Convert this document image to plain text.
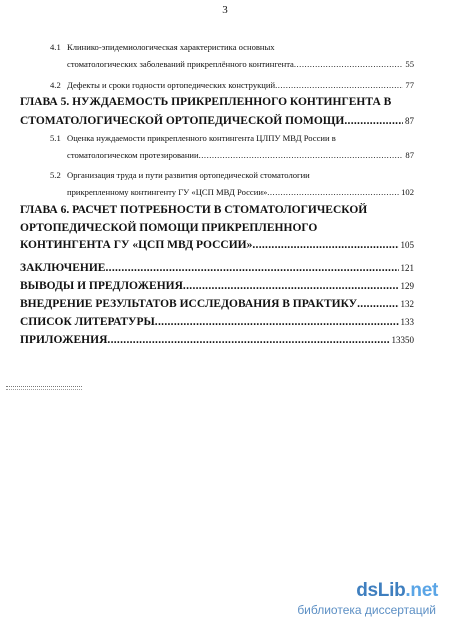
3
4.1 Клинико-эпидемиологическая характеристика основных
стоматологических заболеваний прикреплённого контингента .....	55
4.2 Дефекты и сроки годности ортопедических конструкций .....	77
ГЛАВА 5. НУЖДАЕМОСТЬ ПРИКРЕПЛЕННОГО КОНТИНГЕНТА В
СТОМАТОЛОГИЧЕСКОЙ ОРТОПЕДИЧЕСКОЙ ПОМОЩИ .....	87
5.1 Оценка нуждаемости прикрепленного контингента ЦЛПУ МВД России в
стоматологическом протезировании .....	87
5.2 Организация труда и пути развития ортопедической стоматологии
прикрепленному контингенту ГУ «ЦСП МВД России» .....	102
ГЛАВА 6. РАСЧЕТ ПОТРЕБНОСТИ В СТОМАТОЛОГИЧЕСКОЙ
ОРТОПЕДИЧЕСКОЙ ПОМОЩИ ПРИКРЕПЛЕННОГО
КОНТИНГЕНТА ГУ «ЦСП МВД РОССИИ» .....	105
ЗАКЛЮЧЕНИЕ .....	121
ВЫВОДЫ И ПРЕДЛОЖЕНИЯ .....	129
ВНЕДРЕНИЕ РЕЗУЛЬТАТОВ ИССЛЕДОВАНИЯ В ПРАКТИКУ .....	132
СПИСОК ЛИТЕРАТУРЫ .....	133
ПРИЛОЖЕНИЯ .....	13350
dsLib.net
библиотека диссертаций
